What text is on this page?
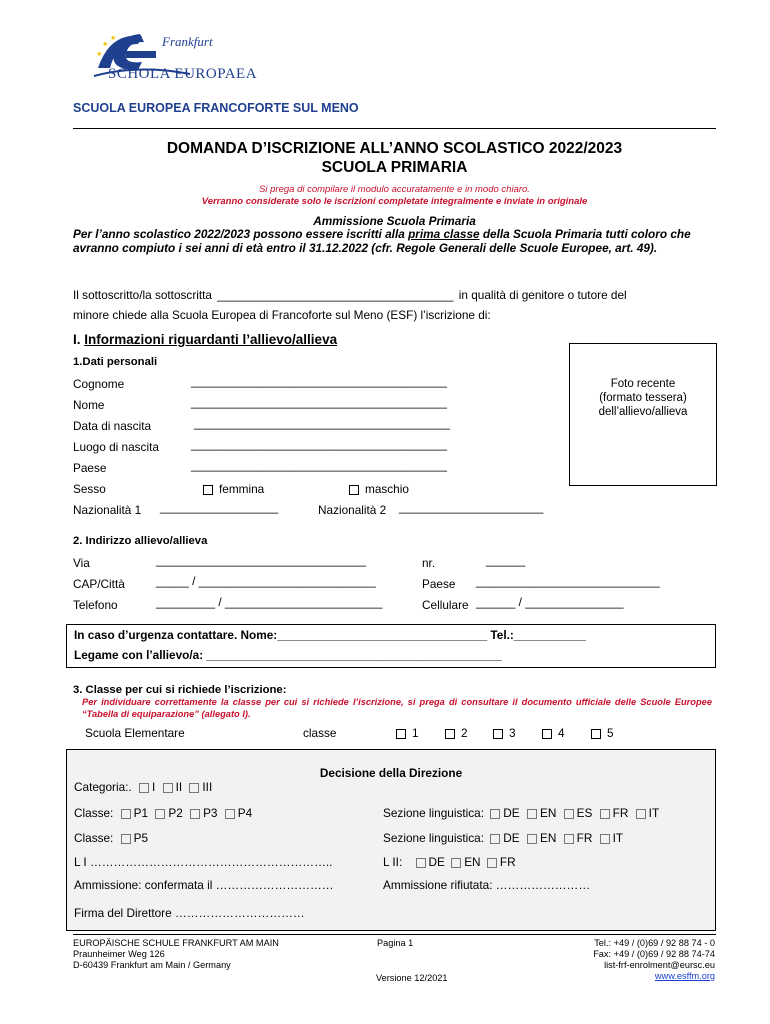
★
★
★
Frankfurt
SCHOLA EUROPAEA
SCUOLA EUROPEA FRANCOFORTE SUL MENO
DOMANDA D’ISCRIZIONE ALL’ANNO SCOLASTICO 2022/2023
SCUOLA PRIMARIA
Si prega di compilare il modulo accuratamente e in modo chiaro.
Verranno considerate solo le iscrizioni completate integralmente e inviate in originale
Ammissione Scuola Primaria
Per l’anno scolastico 2022/2023 possono essere iscritti alla prima classe della Scuola Primaria tutti coloro che avranno compiuto i sei anni di età entro il 31.12.2022 (cfr. Regole Generali delle Scuole Europee, art. 49).
Il sottoscritto/la sottoscritta ____________________________________ in qualità di genitore o tutore del
minore chiede alla Scuola Europea di Francoforte sul Meno (ESF) l’iscrizione di:
I. Informazioni riguardanti l’allievo/allieva
1.Dati personali
Cognome	_______________________________________
Nome	_______________________________________
Data di nascita	_______________________________________
Luogo di nascita	_______________________________________
Paese	_______________________________________
Sesso	femmina	maschio
Nazionalità 1 __________________	Nazionalità 2 ______________________
Foto recente
(formato tessera)
dell’allievo/allieva
2. Indirizzo allievo/allieva
Via	________________________________	nr.	______
CAP/Città	_____ / ___________________________	Paese ____________________________
Telefono	_________ / ________________________	Cellulare ______ / _______________
In caso d’urgenza contattare. Nome:________________________________ Tel.:___________
Legame con l’allievo/a: _____________________________________________
3. Classe per cui si richiede l’iscrizione:
Per individuare correttamente la classe per cui si richiede l’iscrizione, si prega di consultare il documento ufficiale delle Scuole Europee “Tabella di equiparazione” (allegato I).
Scuola Elementare	classe	1	2	3	4	5
Decisione della Direzione
Categoria:. I II III
Classe: P1 P2 P3 P4	Sezione linguistica: DE EN ES FR IT
Classe: P5	Sezione linguistica: DE EN FR IT
L I ……………………………………………………..	L II: DE EN FR
Ammissione: confermata il …………………………	Ammissione rifiutata: ……………………
Firma del Direttore ……………………………
EUROPÄISCHE SCHULE FRANKFURT AM MAIN
Praunheimer Weg 126
D-60439 Frankfurt am Main / Germany
Pagina 1
Versione 12/2021
Tel.: +49 / (0)69 / 92 88 74 - 0
Fax: +49 / (0)69 / 92 88 74-74
list-frf-enrolment@eursc.eu
www.esffm.org
